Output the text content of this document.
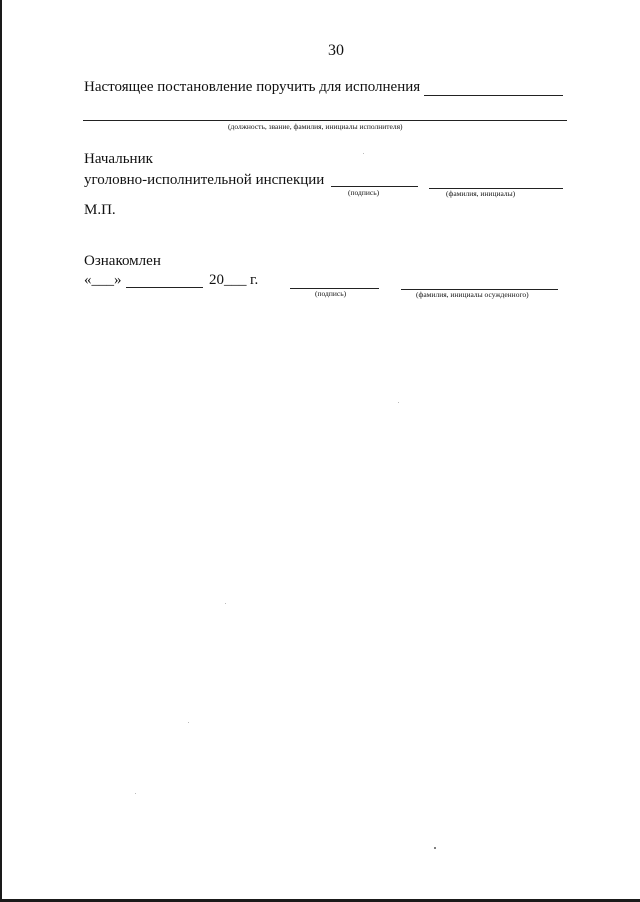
30
Настоящее постановление поручить для исполнения
(должность, звание, фамилия, инициалы исполнителя)
Начальник
уголовно-исполнительной инспекции
(подпись)	(фамилия, инициалы)
М.П.
Ознакомлен
«___»	20___ г.
(подпись)	(фамилия, инициалы осужденного)
